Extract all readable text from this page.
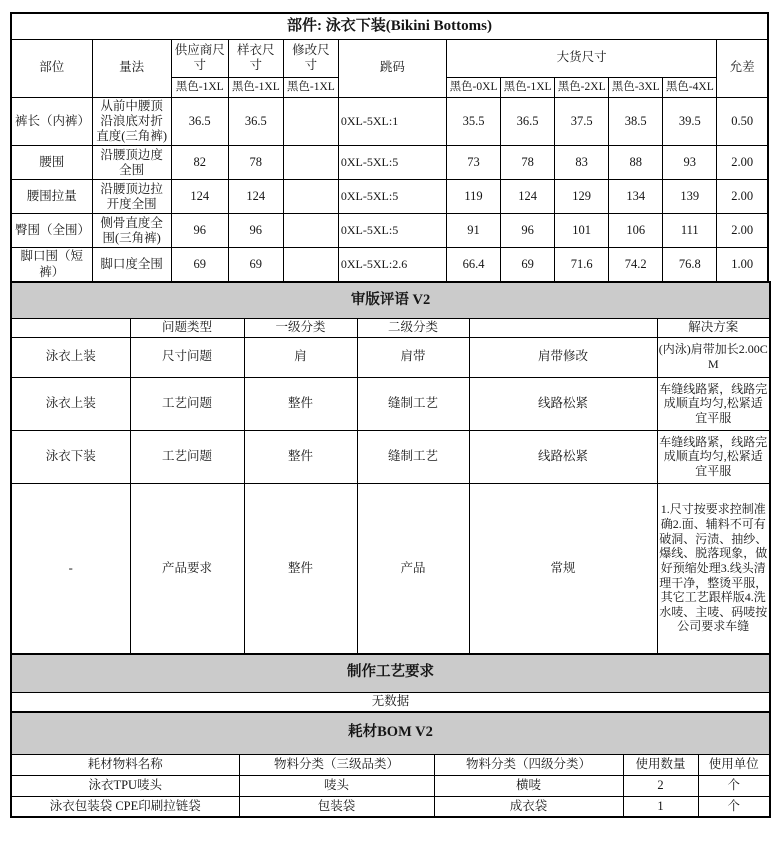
部件: 泳衣下装(Bikini Bottoms)											
部位	量法	供应商尺寸	样衣尺寸	修改尺寸	跳码	大货尺寸					允差
		黑色-1XL	黑色-1XL	黑色-1XL		黑色-0XL	黑色-1XL	黑色-2XL	黑色-3XL	黑色-4XL	
裤长（内裤）	从前中腰顶沿浪底对折直度(三角裤)	36.5	36.5		0XL-5XL:1	35.5	36.5	37.5	38.5	39.5	0.50
腰围	沿腰顶边度全围	82	78		0XL-5XL:5	73	78	83	88	93	2.00
腰围拉量	沿腰顶边拉开度全围	124	124		0XL-5XL:5	119	124	129	134	139	2.00
臀围（全围）	侧骨直度全围(三角裤)	96	96		0XL-5XL:5	91	96	101	106	111	2.00
脚口围（短裤）	脚口度全围	69	69		0XL-5XL:2.6	66.4	69	71.6	74.2	76.8	1.00
审版评语 V2					
	问题类型	一级分类	二级分类		解决方案
泳衣上装	尺寸问题	肩	肩带	肩带修改	(内泳)肩带加长2.00CM
泳衣上装	工艺问题	整件	缝制工艺	线路松紧	车缝线路紧，线路完成顺直均匀,松紧适宜平服
泳衣下装	工艺问题	整件	缝制工艺	线路松紧	车缝线路紧，线路完成顺直均匀,松紧适宜平服
-	产品要求	整件	产品	常规	1.尺寸按要求控制准确2.面、辅料不可有破洞、污渍、抽纱、爆线、脱落现象，做好预缩处理3.线头清理干净，整烫平服，其它工艺跟样版4.洗水唛、主唛、码唛按公司要求车缝
制作工艺要求
无数据
耗材BOM V2				
耗材物料名称	物料分类（三级品类）	物料分类（四级分类）	使用数量	使用单位
泳衣TPU唛头	唛头	横唛	2	个
泳衣包装袋 CPE印刷拉链袋	包装袋	成衣袋	1	个
